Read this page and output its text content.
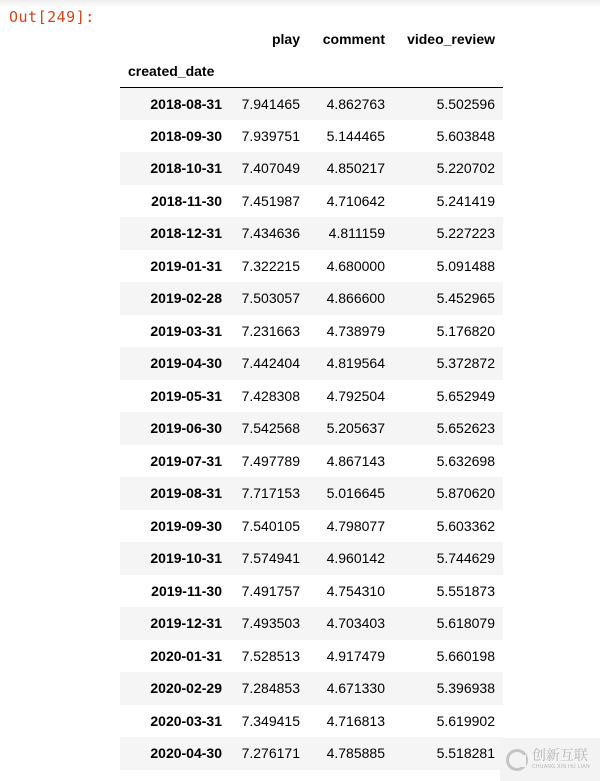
Out[249]:
	play	comment	video_review
created_date			
2018-08-31	7.941465	4.862763	5.502596
2018-09-30	7.939751	5.144465	5.603848
2018-10-31	7.407049	4.850217	5.220702
2018-11-30	7.451987	4.710642	5.241419
2018-12-31	7.434636	4.811159	5.227223
2019-01-31	7.322215	4.680000	5.091488
2019-02-28	7.503057	4.866600	5.452965
2019-03-31	7.231663	4.738979	5.176820
2019-04-30	7.442404	4.819564	5.372872
2019-05-31	7.428308	4.792504	5.652949
2019-06-30	7.542568	5.205637	5.652623
2019-07-31	7.497789	4.867143	5.632698
2019-08-31	7.717153	5.016645	5.870620
2019-09-30	7.540105	4.798077	5.603362
2019-10-31	7.574941	4.960142	5.744629
2019-11-30	7.491757	4.754310	5.551873
2019-12-31	7.493503	4.703403	5.618079
2020-01-31	7.528513	4.917479	5.660198
2020-02-29	7.284853	4.671330	5.396938
2020-03-31	7.349415	4.716813	5.619902
2020-04-30	7.276171	4.785885	5.518281	创新互联
CHUANG XIN HU LIAN
